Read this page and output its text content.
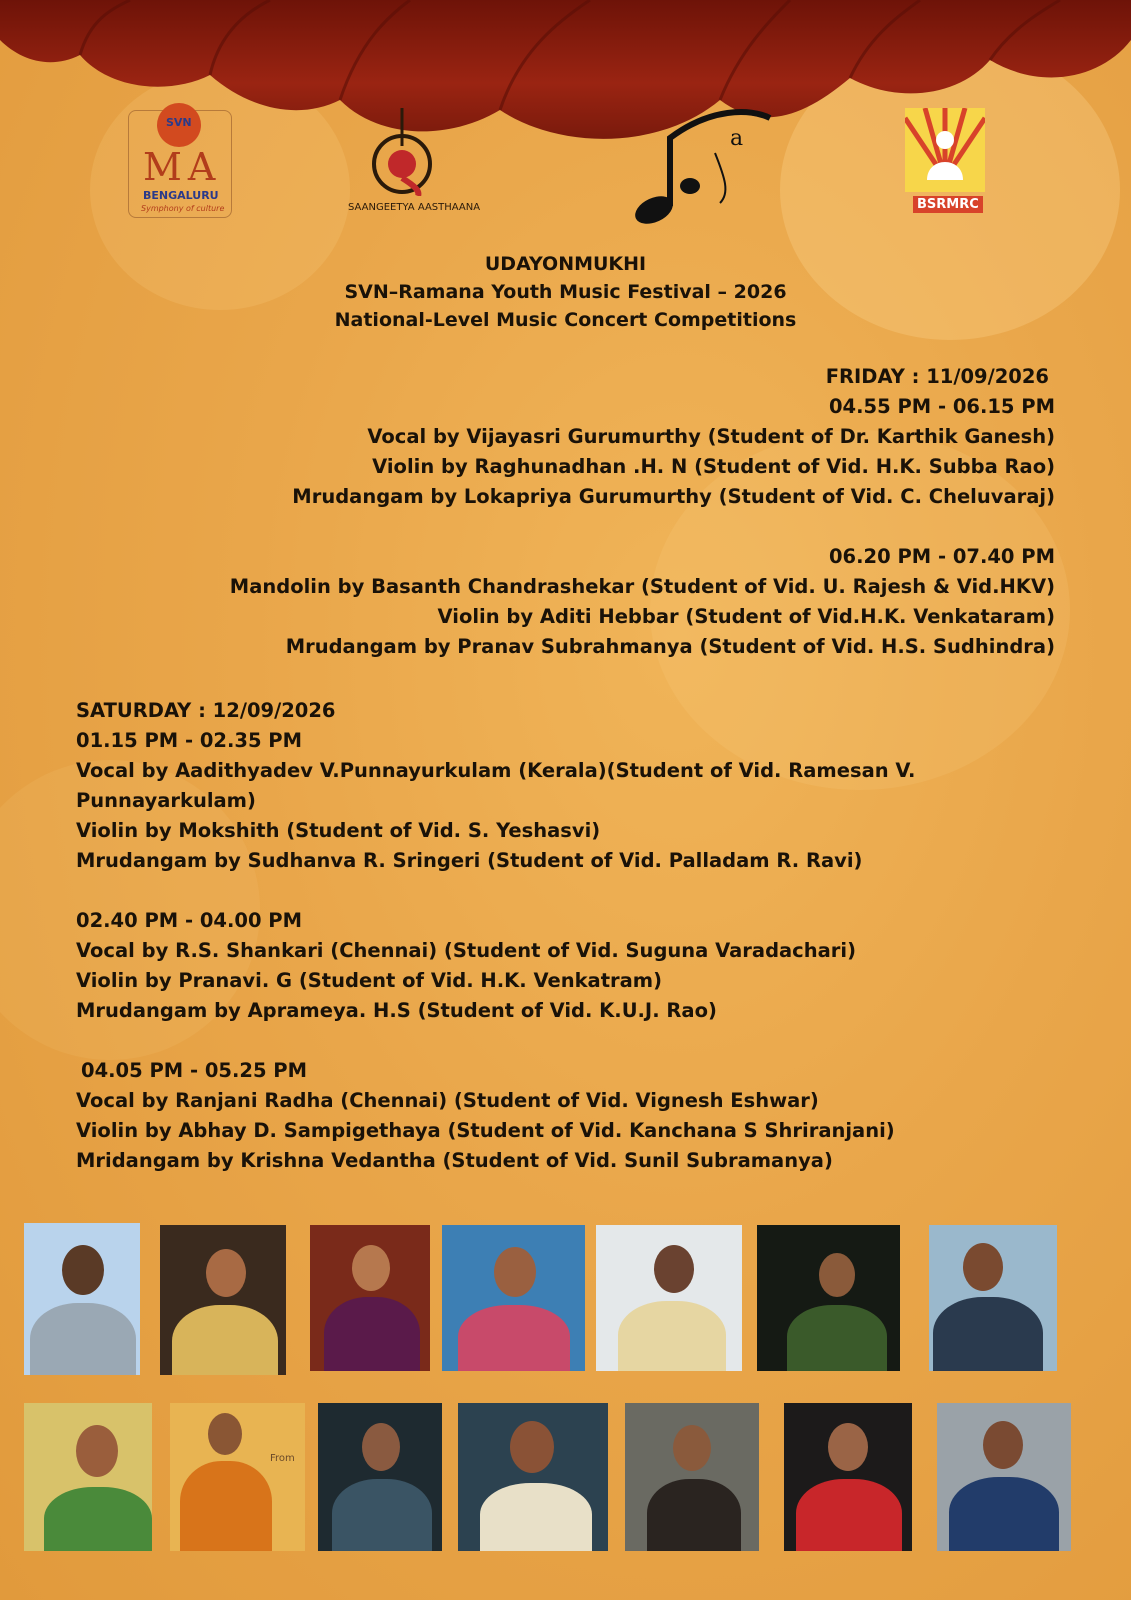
SVN
MA
BENGALURU
Symphony of culture	SAANGEETYA AASTHAANA
a
BSRMRC
UDAYONMUKHI
SVN–Ramana Youth Music Festival – 2026
National-Level Music Concert Competitions
FRIDAY : 11/09/2026
04.55 PM - 06.15 PM
Vocal by Vijayasri Gurumurthy (Student of Dr. Karthik Ganesh)
Violin by Raghunadhan .H. N (Student of Vid. H.K. Subba Rao)
Mrudangam by Lokapriya Gurumurthy (Student of Vid. C. Cheluvaraj)
06.20 PM - 07.40 PM
Mandolin by Basanth Chandrashekar (Student of Vid. U. Rajesh & Vid.HKV)
Violin by Aditi Hebbar (Student of Vid.H.K. Venkataram)
Mrudangam by Pranav Subrahmanya (Student of Vid. H.S. Sudhindra)
SATURDAY : 12/09/2026
01.15 PM - 02.35 PM
Vocal by Aadithyadev V.Punnayurkulam (Kerala)(Student of Vid. Ramesan V. Punnayarkulam)
Violin by Mokshith (Student of Vid. S. Yeshasvi)
Mrudangam by Sudhanva R. Sringeri (Student of Vid. Palladam R. Ravi)
02.40 PM - 04.00 PM
Vocal by R.S. Shankari (Chennai) (Student of Vid. Suguna Varadachari)
Violin by Pranavi. G (Student of Vid. H.K. Venkatram)
Mrudangam by Aprameya. H.S (Student of Vid. K.U.J. Rao)
04.05 PM - 05.25 PM
Vocal by Ranjani Radha (Chennai) (Student of Vid. Vignesh Eshwar)
Violin by Abhay D. Sampigethaya (Student of Vid. Kanchana S Shriranjani)
Mridangam by Krishna Vedantha (Student of Vid. Sunil Subramanya)
From
